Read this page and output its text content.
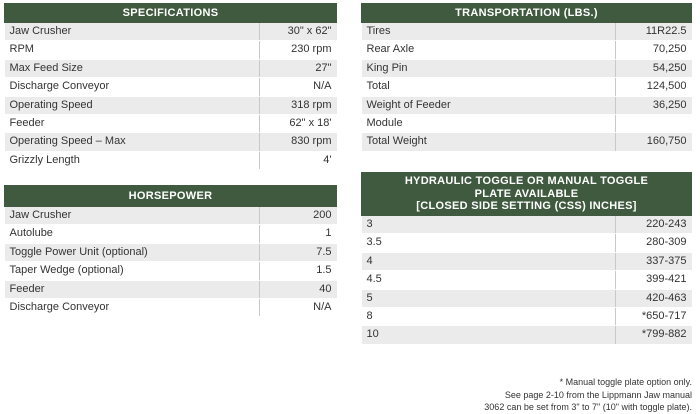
SPECIFICATIONS	
Jaw Crusher	30" x 62"
RPM	230 rpm
Max Feed Size	27"
Discharge Conveyor	N/A
Operating Speed	318 rpm
Feeder	62" x 18'
Operating Speed – Max	830 rpm
Grizzly Length	4'
HORSEPOWER	
Jaw Crusher	200
Autolube	1
Toggle Power Unit (optional)	7.5
Taper Wedge (optional)	1.5
Feeder	40
Discharge Conveyor	N/A
TRANSPORTATION (LBS.)	
Tires	11R22.5
Rear Axle	70,250
King Pin	54,250
Total	124,500
Weight of Feeder	36,250
Module	
Total Weight	160,750
HYDRAULIC TOGGLE OR MANUAL TOGGLE
PLATE AVAILABLE
[CLOSED SIDE SETTING (CSS) INCHES]	

3	220-243
3.5	280-309
4	337-375
4.5	399-421
5	420-463
8	*650-717
10	*799-882
* Manual toggle plate option only.
See page 2-10 from the Lippmann Jaw manual
3062 can be set from 3" to 7" (10" with toggle plate).
